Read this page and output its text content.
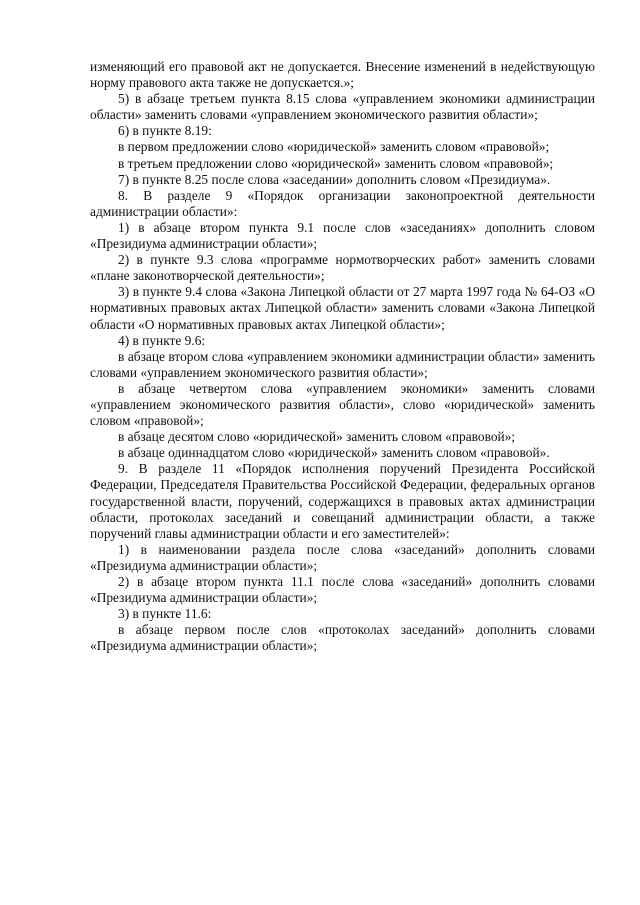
изменяющий его правовой акт не допускается. Внесение изменений в недействующую норму правового акта также не допускается.»;

5) в абзаце третьем пункта 8.15 слова «управлением экономики администрации области» заменить словами «управлением экономического развития области»;

6) в пункте 8.19:

в первом предложении слово «юридической» заменить словом «правовой»;

в третьем предложении слово «юридической» заменить словом «правовой»;

7) в пункте 8.25 после слова «заседании» дополнить словом «Президиума».

8. В разделе 9 «Порядок организации законопроектной деятельности администрации области»:

1) в абзаце втором пункта 9.1 после слов «заседаниях» дополнить словом «Президиума администрации области»;

2) в пункте 9.3 слова «программе нормотворческих работ» заменить словами «плане законотворческой деятельности»;

3) в пункте 9.4 слова «Закона Липецкой области от 27 марта 1997 года № 64-ОЗ «О нормативных правовых актах Липецкой области» заменить словами «Закона Липецкой области «О нормативных правовых актах Липецкой области»;

4) в пункте 9.6:

в абзаце втором слова «управлением экономики администрации области» заменить словами «управлением экономического развития области»;

в абзаце четвертом слова «управлением экономики» заменить словами «управлением экономического развития области», слово «юридической» заменить словом «правовой»;

в абзаце десятом слово «юридической» заменить словом «правовой»;

в абзаце одиннадцатом слово «юридической» заменить словом «правовой».

9. В разделе 11 «Порядок исполнения поручений Президента Российской Федерации, Председателя Правительства Российской Федерации, федеральных органов государственной власти, поручений, содержащихся в правовых актах администрации области, протоколах заседаний и совещаний администрации области, а также поручений главы администрации области и его заместителей»:

1) в наименовании раздела после слова «заседаний» дополнить словами «Президиума администрации области»;

2) в абзаце втором пункта 11.1 после слова «заседаний» дополнить словами «Президиума администрации области»;

3) в пункте 11.6:

в абзаце первом после слов «протоколах заседаний» дополнить словами «Президиума администрации области»;
